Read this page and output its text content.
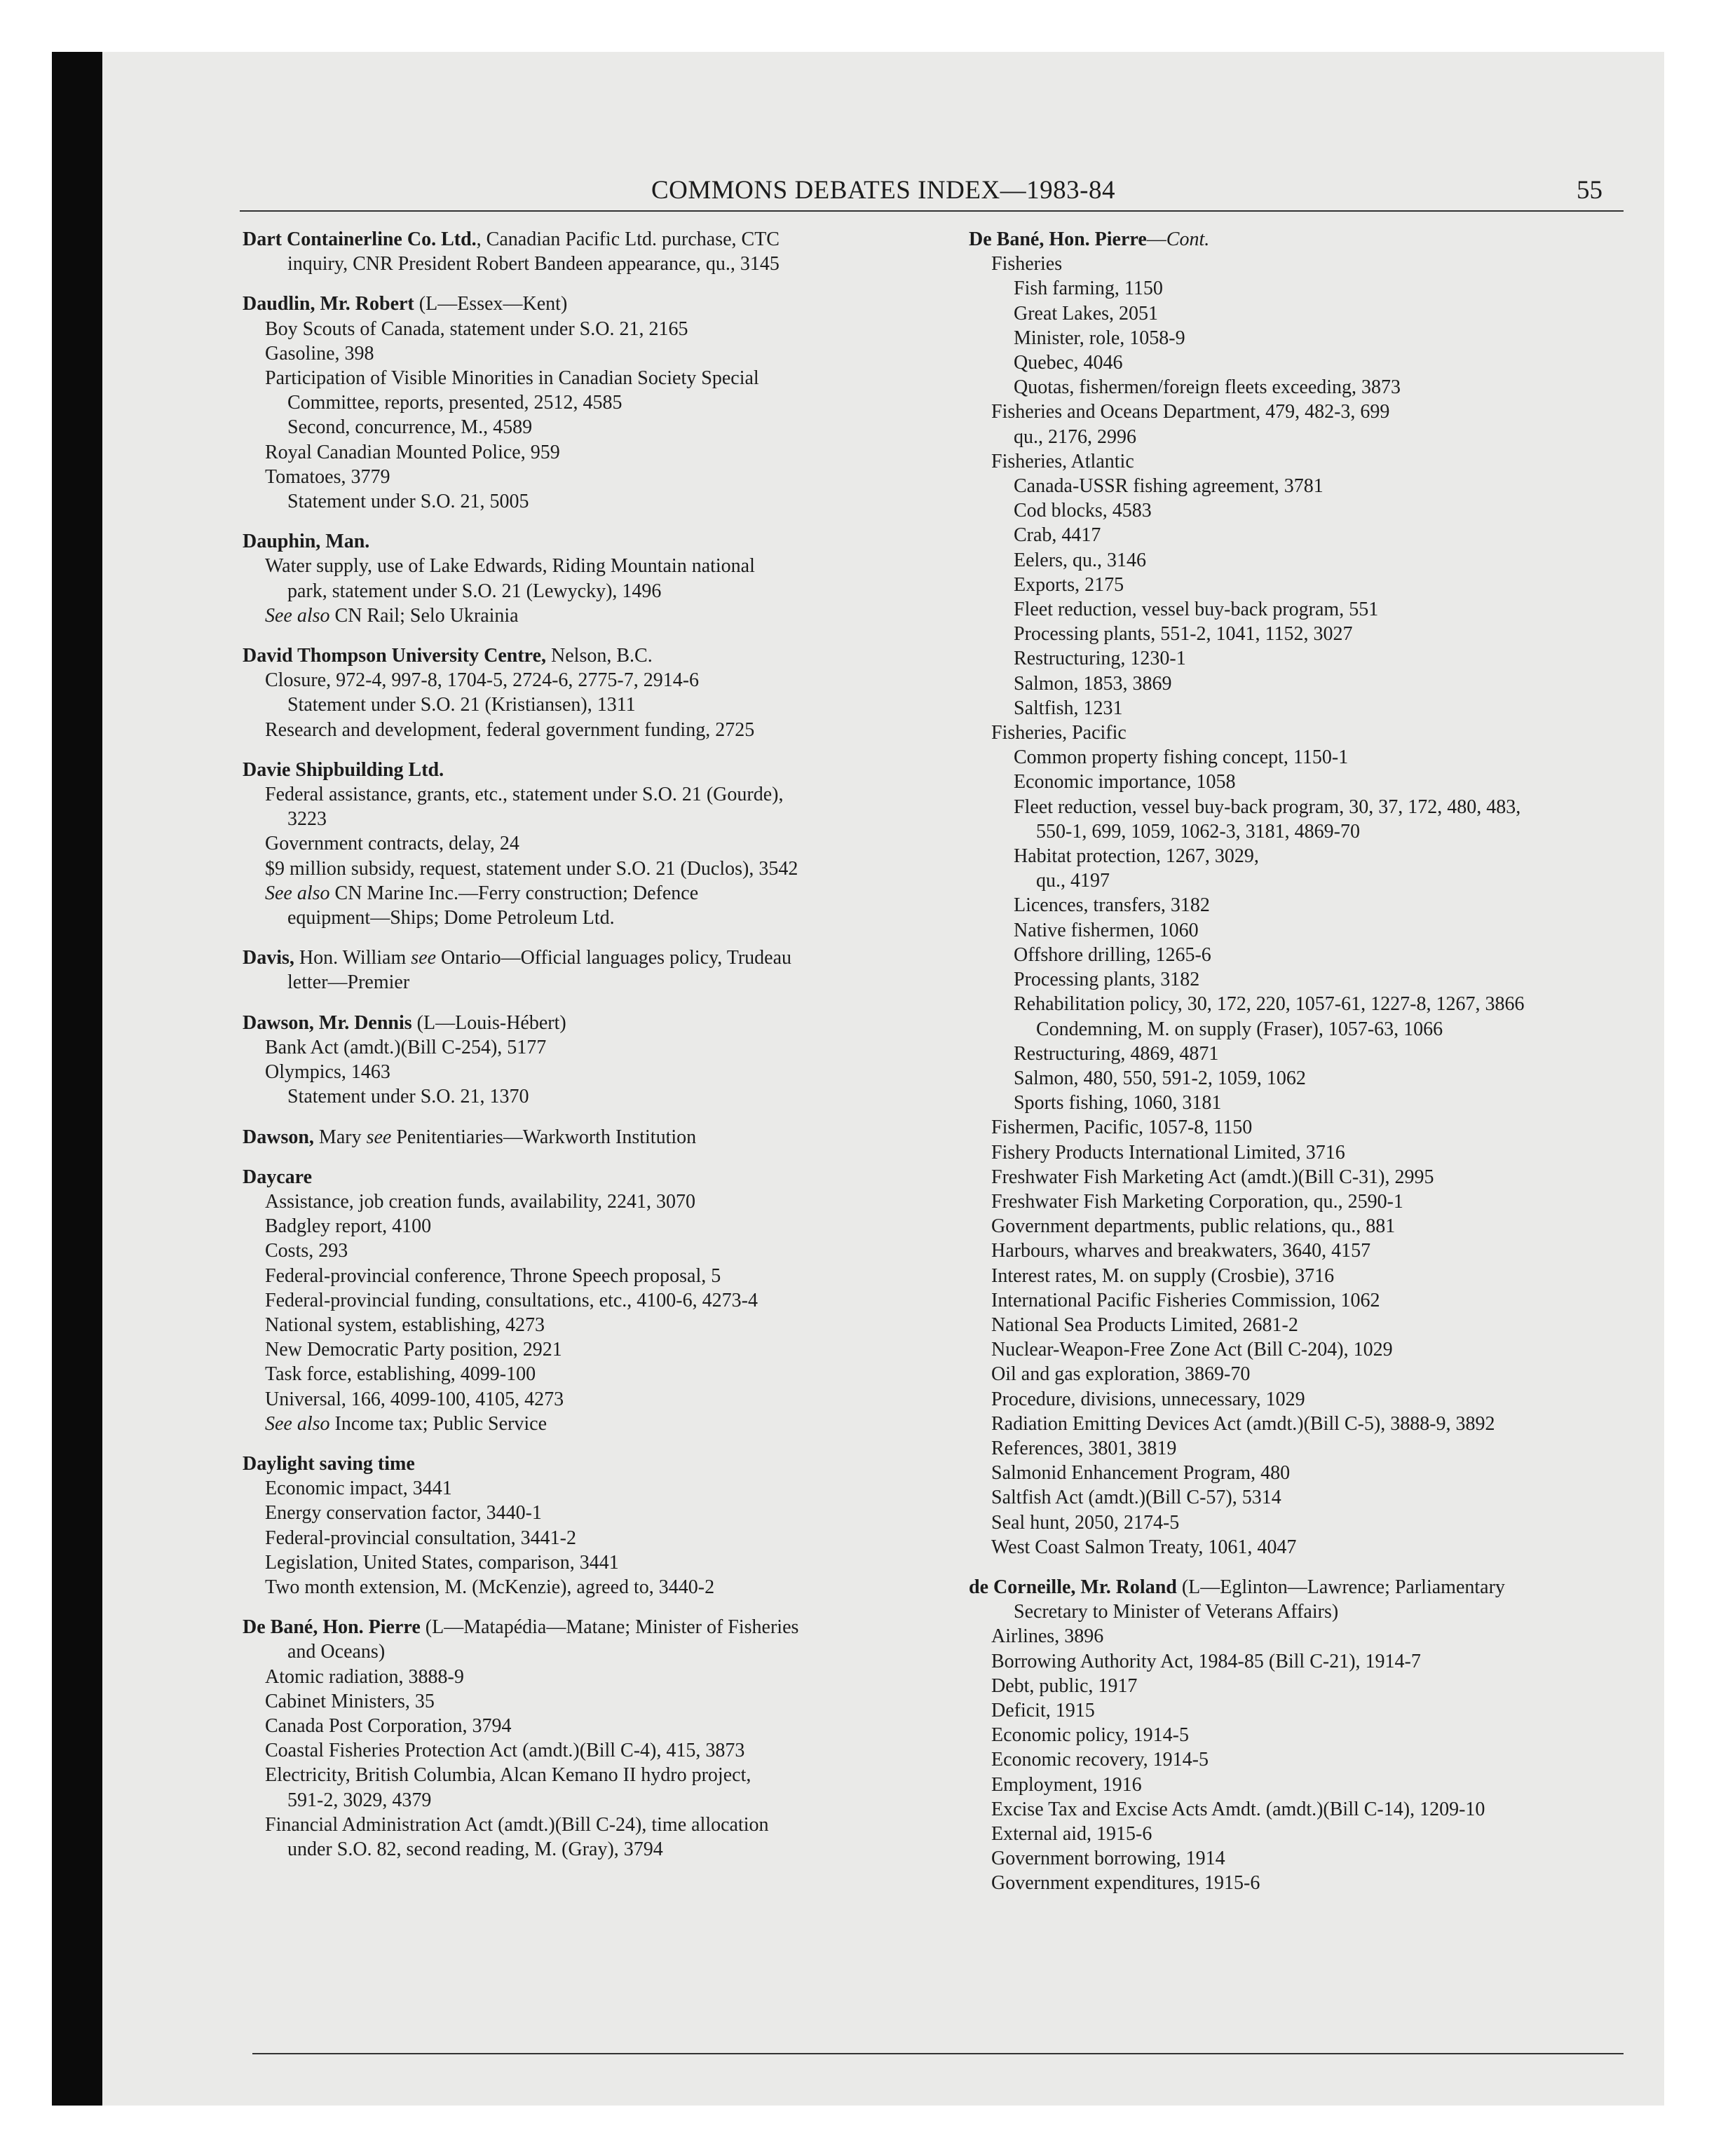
COMMONS DEBATES INDEX—1983-84	55
Dart Containerline Co. Ltd., Canadian Pacific Ltd. purchase, CTC
inquiry, CNR President Robert Bandeen appearance, qu., 3145
Daudlin, Mr. Robert (L—Essex—Kent)
Boy Scouts of Canada, statement under S.O. 21, 2165
Gasoline, 398
Participation of Visible Minorities in Canadian Society Special
Committee, reports, presented, 2512, 4585
Second, concurrence, M., 4589
Royal Canadian Mounted Police, 959
Tomatoes, 3779
Statement under S.O. 21, 5005
Dauphin, Man.
Water supply, use of Lake Edwards, Riding Mountain national
park, statement under S.O. 21 (Lewycky), 1496
See also CN Rail; Selo Ukrainia
David Thompson University Centre, Nelson, B.C.
Closure, 972-4, 997-8, 1704-5, 2724-6, 2775-7, 2914-6
Statement under S.O. 21 (Kristiansen), 1311
Research and development, federal government funding, 2725
Davie Shipbuilding Ltd.
Federal assistance, grants, etc., statement under S.O. 21 (Gourde),
3223
Government contracts, delay, 24
$9 million subsidy, request, statement under S.O. 21 (Duclos), 3542
See also CN Marine Inc.—Ferry construction; Defence
equipment—Ships; Dome Petroleum Ltd.
Davis, Hon. William see Ontario—Official languages policy, Trudeau
letter—Premier
Dawson, Mr. Dennis (L—Louis-Hébert)
Bank Act (amdt.)(Bill C-254), 5177
Olympics, 1463
Statement under S.O. 21, 1370
Dawson, Mary see Penitentiaries—Warkworth Institution
Daycare
Assistance, job creation funds, availability, 2241, 3070
Badgley report, 4100
Costs, 293
Federal-provincial conference, Throne Speech proposal, 5
Federal-provincial funding, consultations, etc., 4100-6, 4273-4
National system, establishing, 4273
New Democratic Party position, 2921
Task force, establishing, 4099-100
Universal, 166, 4099-100, 4105, 4273
See also Income tax; Public Service
Daylight saving time
Economic impact, 3441
Energy conservation factor, 3440-1
Federal-provincial consultation, 3441-2
Legislation, United States, comparison, 3441
Two month extension, M. (McKenzie), agreed to, 3440-2
De Bané, Hon. Pierre (L—Matapédia—Matane; Minister of Fisheries
and Oceans)
Atomic radiation, 3888-9
Cabinet Ministers, 35
Canada Post Corporation, 3794
Coastal Fisheries Protection Act (amdt.)(Bill C-4), 415, 3873
Electricity, British Columbia, Alcan Kemano II hydro project,
591-2, 3029, 4379
Financial Administration Act (amdt.)(Bill C-24), time allocation
under S.O. 82, second reading, M. (Gray), 3794
De Bané, Hon. Pierre—Cont.
Fisheries
Fish farming, 1150
Great Lakes, 2051
Minister, role, 1058-9
Quebec, 4046
Quotas, fishermen/foreign fleets exceeding, 3873
Fisheries and Oceans Department, 479, 482-3, 699
qu., 2176, 2996
Fisheries, Atlantic
Canada-USSR fishing agreement, 3781
Cod blocks, 4583
Crab, 4417
Eelers, qu., 3146
Exports, 2175
Fleet reduction, vessel buy-back program, 551
Processing plants, 551-2, 1041, 1152, 3027
Restructuring, 1230-1
Salmon, 1853, 3869
Saltfish, 1231
Fisheries, Pacific
Common property fishing concept, 1150-1
Economic importance, 1058
Fleet reduction, vessel buy-back program, 30, 37, 172, 480, 483,
550-1, 699, 1059, 1062-3, 3181, 4869-70
Habitat protection, 1267, 3029,
qu., 4197
Licences, transfers, 3182
Native fishermen, 1060
Offshore drilling, 1265-6
Processing plants, 3182
Rehabilitation policy, 30, 172, 220, 1057-61, 1227-8, 1267, 3866
Condemning, M. on supply (Fraser), 1057-63, 1066
Restructuring, 4869, 4871
Salmon, 480, 550, 591-2, 1059, 1062
Sports fishing, 1060, 3181
Fishermen, Pacific, 1057-8, 1150
Fishery Products International Limited, 3716
Freshwater Fish Marketing Act (amdt.)(Bill C-31), 2995
Freshwater Fish Marketing Corporation, qu., 2590-1
Government departments, public relations, qu., 881
Harbours, wharves and breakwaters, 3640, 4157
Interest rates, M. on supply (Crosbie), 3716
International Pacific Fisheries Commission, 1062
National Sea Products Limited, 2681-2
Nuclear-Weapon-Free Zone Act (Bill C-204), 1029
Oil and gas exploration, 3869-70
Procedure, divisions, unnecessary, 1029
Radiation Emitting Devices Act (amdt.)(Bill C-5), 3888-9, 3892
References, 3801, 3819
Salmonid Enhancement Program, 480
Saltfish Act (amdt.)(Bill C-57), 5314
Seal hunt, 2050, 2174-5
West Coast Salmon Treaty, 1061, 4047
de Corneille, Mr. Roland (L—Eglinton—Lawrence; Parliamentary
Secretary to Minister of Veterans Affairs)
Airlines, 3896
Borrowing Authority Act, 1984-85 (Bill C-21), 1914-7
Debt, public, 1917
Deficit, 1915
Economic policy, 1914-5
Economic recovery, 1914-5
Employment, 1916
Excise Tax and Excise Acts Amdt. (amdt.)(Bill C-14), 1209-10
External aid, 1915-6
Government borrowing, 1914
Government expenditures, 1915-6
